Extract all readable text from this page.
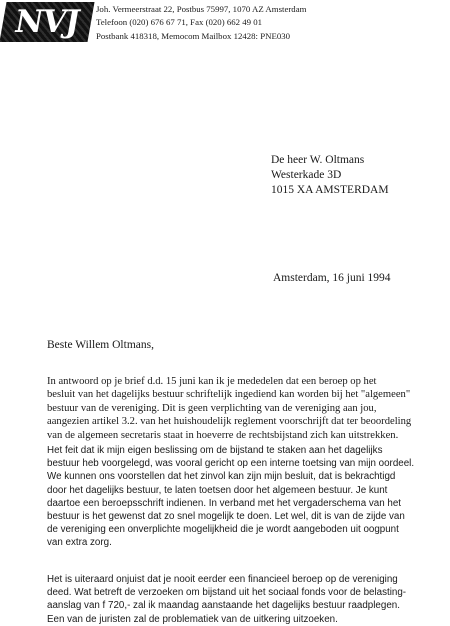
NVJ	Joh. Vermeerstraat 22, Postbus 75997, 1070 AZ Amsterdam
Telefoon (020) 676 67 71, Fax (020) 662 49 01
Postbank 418318, Memocom Mailbox 12428: PNE030
De heer W. Oltmans
Westerkade 3D
1015 XA AMSTERDAM
Amsterdam, 16 juni 1994
Beste Willem Oltmans,
In antwoord op je brief d.d. 15 juni kan ik je mededelen dat een beroep op het
besluit van het dagelijks bestuur schriftelijk ingediend kan worden bij het "algemeen"
bestuur van de vereniging. Dit is geen verplichting van de vereniging aan jou,
aangezien artikel 3.2. van het huishoudelijk reglement voorschrijft dat ter beoordeling
van de algemeen secretaris staat in hoeverre de rechtsbijstand zich kan uitstrekken.
Het feit dat ik mijn eigen beslissing om de bijstand te staken aan het dagelijks
bestuur heb voorgelegd, was vooral gericht op een interne toetsing van mijn oordeel.
We kunnen ons voorstellen dat het zinvol kan zijn mijn besluit, dat is bekrachtigd
door het dagelijks bestuur, te laten toetsen door het algemeen bestuur. Je kunt
daartoe een beroepsschrift indienen. In verband met het vergaderschema van het
bestuur is het gewenst dat zo snel mogelijk te doen. Let wel, dit is van de zijde van
de vereniging een onverplichte mogelijkheid die je wordt aangeboden uit oogpunt
van extra zorg.
Het is uiteraard onjuist dat je nooit eerder een financieel beroep op de vereniging
deed. Wat betreft de verzoeken om bijstand uit het sociaal fonds voor de belasting-
aanslag van f 720,- zal ik maandag aanstaande het dagelijks bestuur raadplegen.
Een van de juristen zal de problematiek van de uitkering uitzoeken.
